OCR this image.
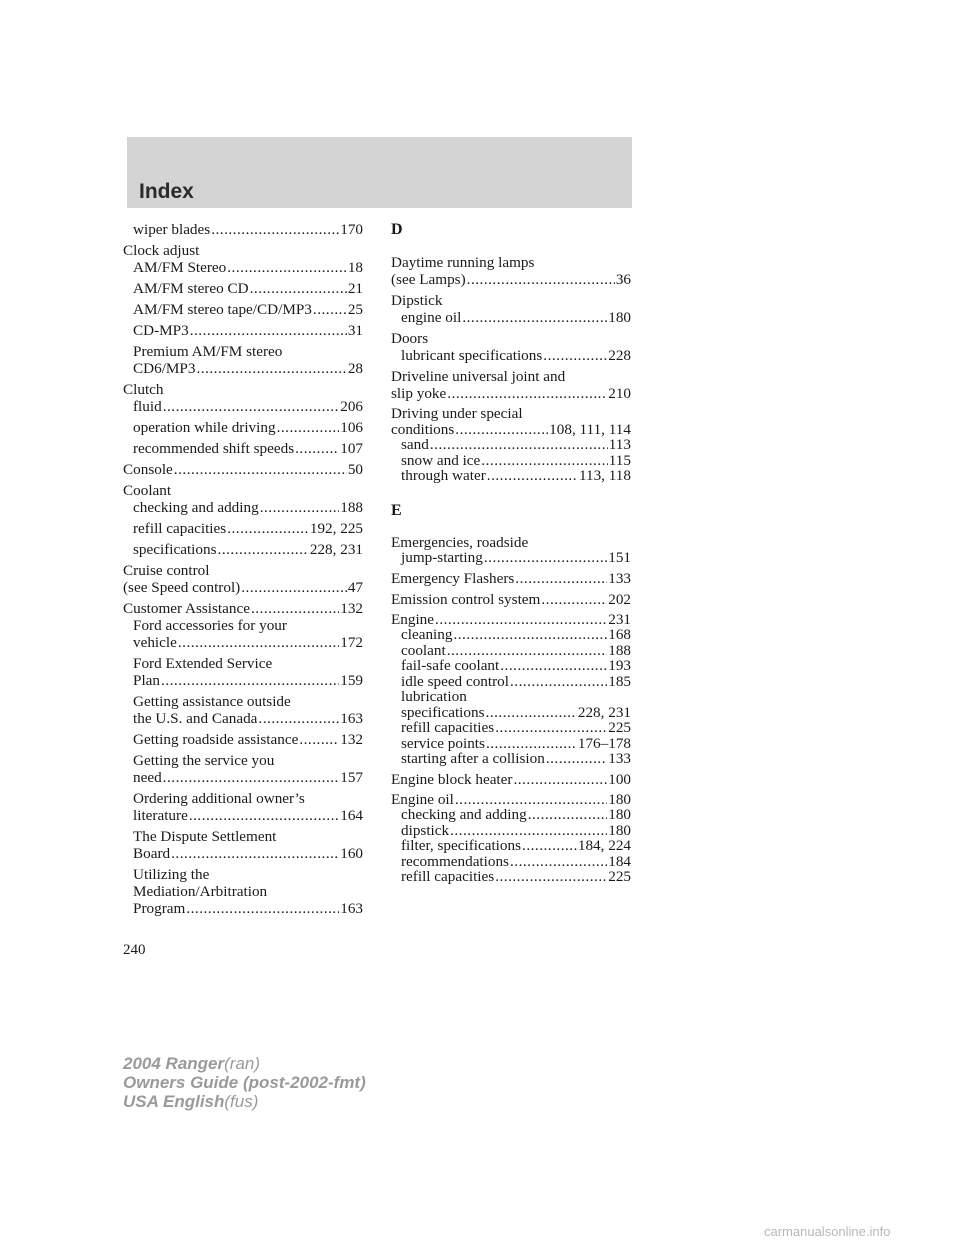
Index
wiper blades .....	170
Clock adjust
AM/FM Stereo .....	18
AM/FM stereo CD .....	21
AM/FM stereo tape/CD/MP3 ..... 25
CD-MP3 .....	31
Premium AM/FM stereo
CD6/MP3 .....	28
Clutch
fluid .....	206
operation while driving .....	106
recommended shift speeds .....	107
Console .....	50
Coolant
checking and adding .....	188
refill capacities .....	192, 225
specifications .....	228, 231
Cruise control
(see Speed control) .....	47
Customer Assistance .....	132
Ford accessories for your
vehicle .....	172
Ford Extended Service
Plan .....	159
Getting assistance outside
the U.S. and Canada .....	163
Getting roadside assistance .....	132
Getting the service you
need .....	157
Ordering additional owner’s
literature .....	164
The Dispute Settlement
Board .....	160
Utilizing the
Mediation/Arbitration
Program .....	163
D
Daytime running lamps
(see Lamps) .....	36
Dipstick
engine oil .....	180
Doors
lubricant specifications .....	228
Driveline universal joint and
slip yoke .....	210
Driving under special
conditions .....	108, 111, 114
sand .....	113
snow and ice .....	115
through water .....	113, 118
E
Emergencies, roadside
jump-starting .....	151
Emergency Flashers .....	133
Emission control system .....	202
Engine .....	231
cleaning .....	168
coolant .....	188
fail-safe coolant .....	193
idle speed control .....	185
lubrication
specifications .....	228, 231
refill capacities .....	225
service points .....	176–178
starting after a collision .....	133
Engine block heater .....	100
Engine oil .....	180
checking and adding .....	180
dipstick .....	180
filter, specifications .....	184, 224
recommendations .....	184
refill capacities .....	225
240
2004 Ranger(ran)
Owners Guide (post-2002-fmt)
USA English(fus)
carmanualsonline.info
